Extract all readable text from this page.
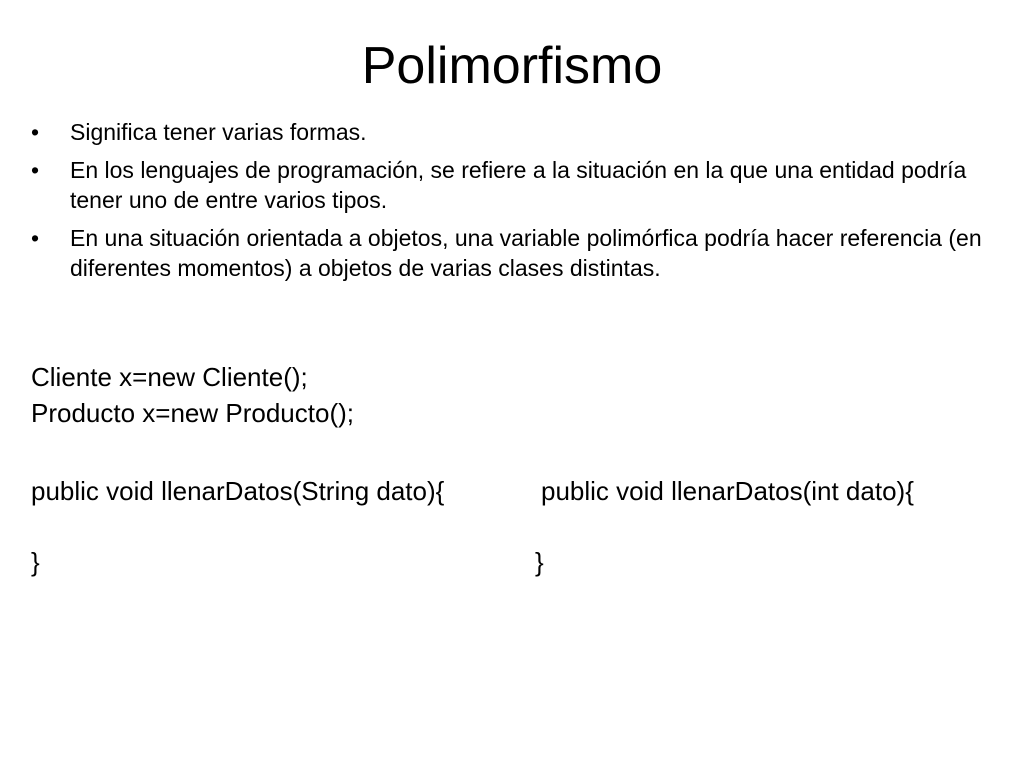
Polimorfismo
•	Significa tener varias formas.
•	En los lenguajes de programación, se refiere a la situación en la que una entidad podría tener uno de entre varios tipos.
•	En una situación orientada a objetos, una variable polimórfica podría hacer referencia (en diferentes momentos) a objetos de varias clases distintas.
Cliente x=new Cliente();
Producto x=new Producto();
public void llenarDatos(String dato){	public void llenarDatos(int dato){
}	}
